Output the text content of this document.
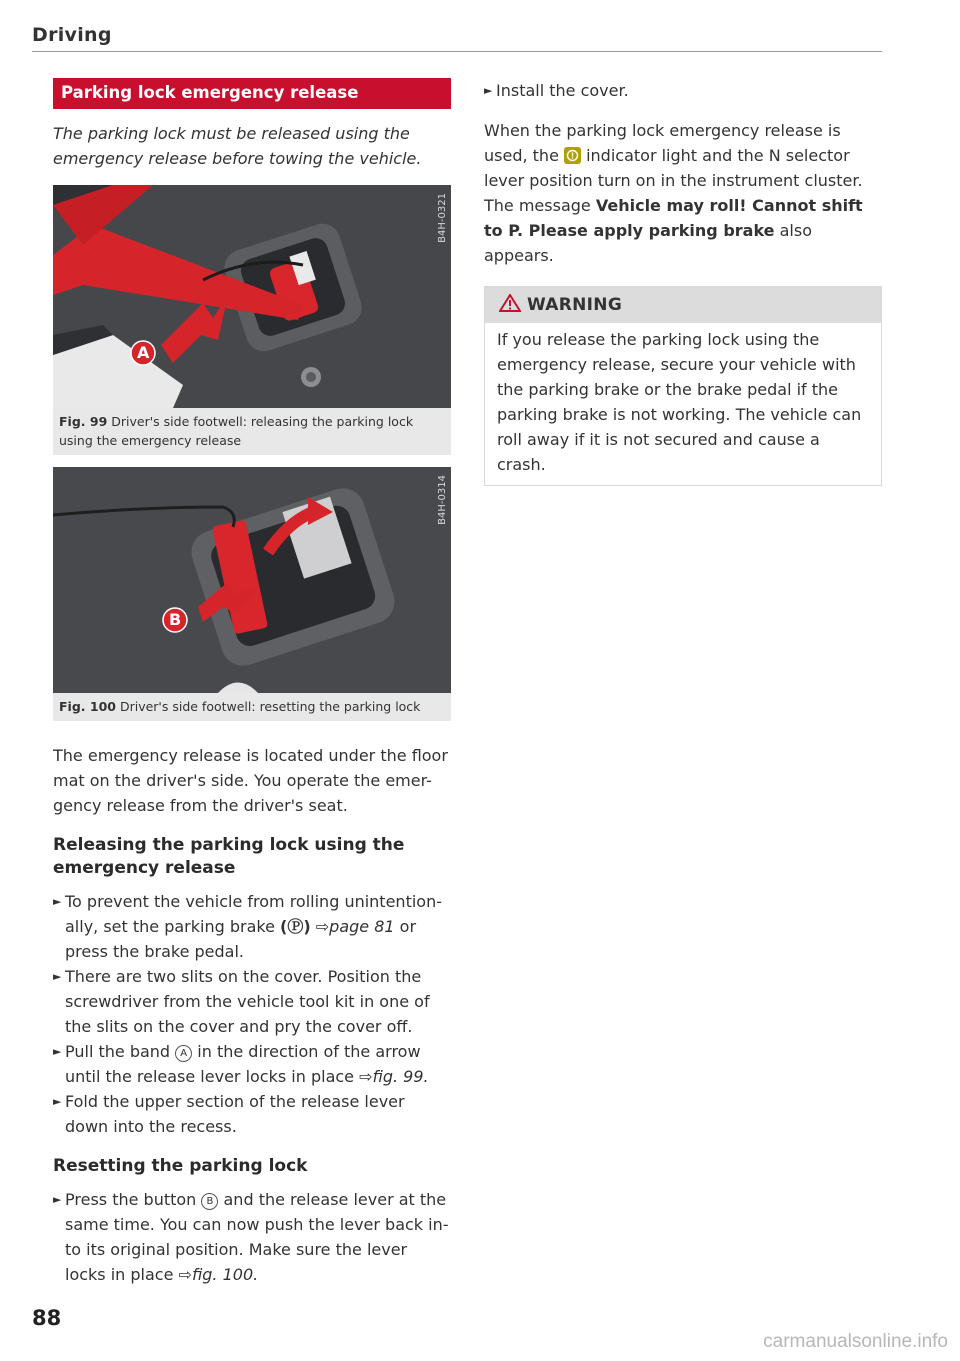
Driving
Parking lock emergency release
The parking lock must be released using the emergency release before towing the vehicle.
A
B4H-0321
Fig. 99 Driver's side footwell: releasing the parking lock using the emergency release
B
B4H-0314
Fig. 100 Driver's side footwell: resetting the parking lock

The emergency release is located under the floor mat on the driver's side. You operate the emer-gency release from the driver's seat.

Releasing the parking lock using the emergency release
► To prevent the vehicle from rolling unintention-ally, set the parking brake (Ⓟ) ⇨page 81 or press the brake pedal.
► There are two slits on the cover. Position the screwdriver from the vehicle tool kit in one of the slits on the cover and pry the cover off.
► Pull the band A in the direction of the arrow until the release lever locks in place ⇨fig. 99.
► Fold the upper section of the release lever down into the recess.
Resetting the parking lock
► Press the button B and the release lever at the same time. You can now push the lever back in-to its original position. Make sure the lever locks in place ⇨fig. 100.
► Install the cover.

When the parking lock emergency release is used, the indicator light and the N selector lever position turn on in the instrument cluster. The message Vehicle may roll! Cannot shift to P. Please apply parking brake also appears.

WARNING
If you release the parking lock using the emergency release, secure your vehicle with the parking brake or the brake pedal if the parking brake is not working. The vehicle can roll away if it is not secured and cause a crash.
88
carmanualsonline.info
